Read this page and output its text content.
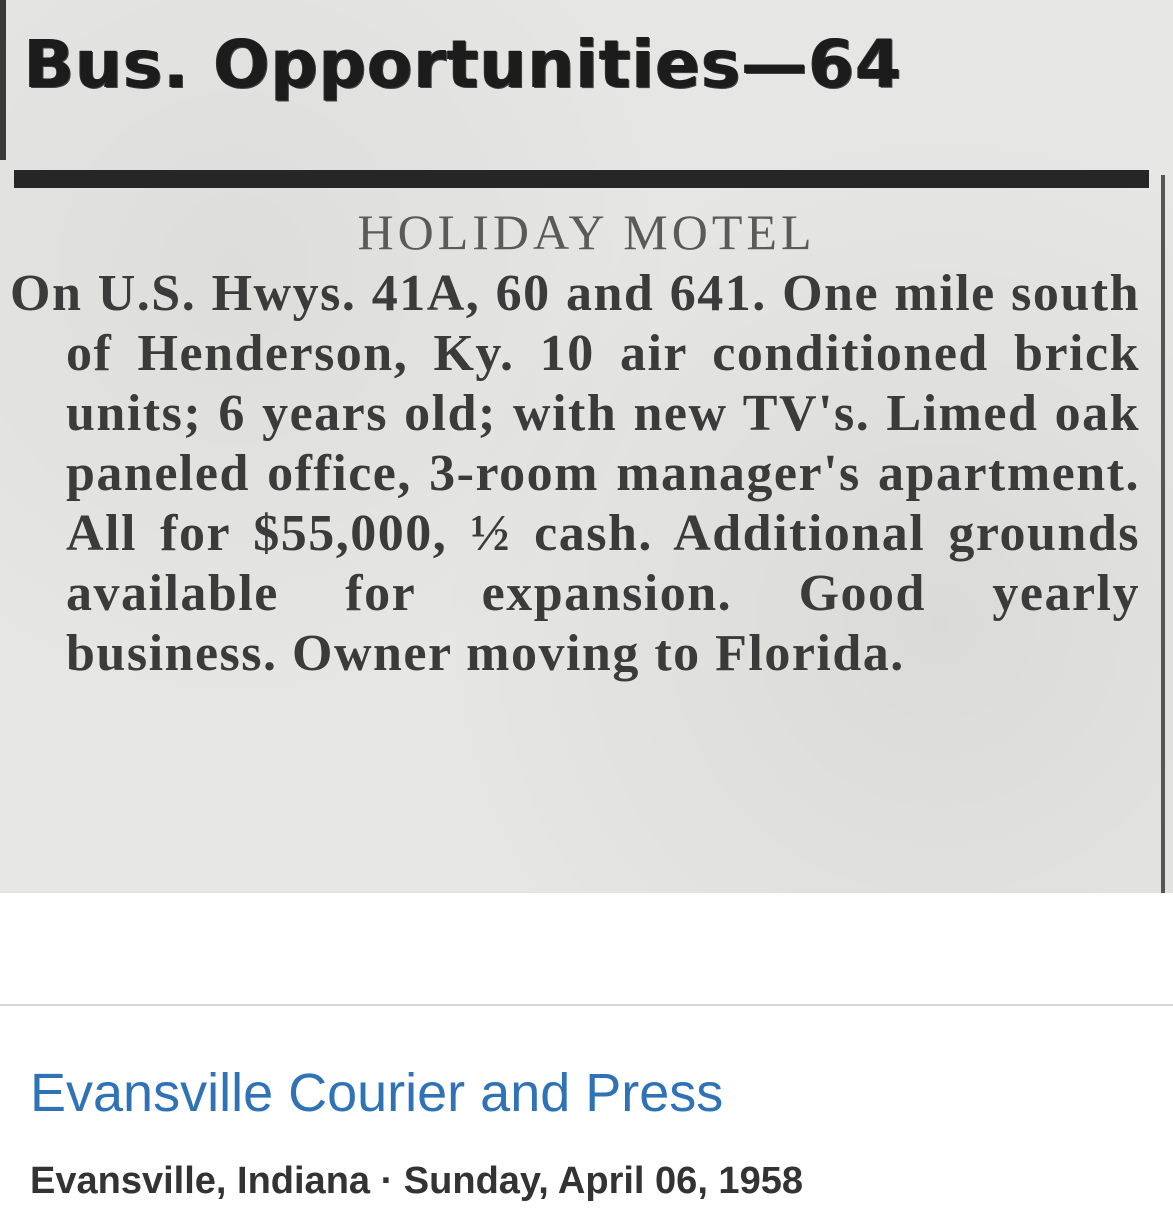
Bus. Opportunities—64
HOLIDAY MOTEL
On U.S. Hwys. 41A, 60 and 641. One mile south of Henderson, Ky. 10 air conditioned brick units; 6 years old; with new TV's. Limed oak paneled office, 3-room manager's apartment. All for $55,000, ½ cash. Additional grounds available for expansion. Good yearly business. Owner moving to Florida.
Evansville Courier and Press
Evansville, Indiana · Sunday, April 06, 1958
